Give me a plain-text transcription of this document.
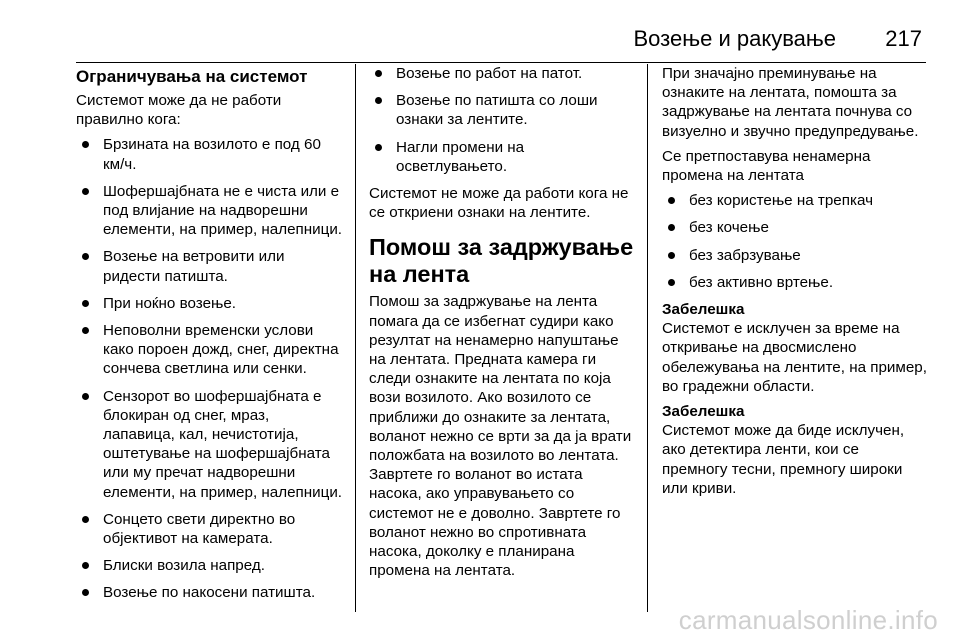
Возење и ракување 217
Ограничувања на системот
Системот може да не работи правилно кога:
Брзината на возилото е под 60 км/ч.
Шофершајбната не е чиста или е под влијание на надворешни елементи, на пример, налепници.
Возење на ветровити или ридести патишта.
При ноќно возење.
Неповолни временски услови како пороен дожд, снег, директна сончева светлина или сенки.
Сензорот во шофершајбната е блокиран од снег, мраз, лапавица, кал, нечистотија, оштетување на шофершајбната или му пречат надворешни елементи, на пример, налепници.
Сонцето свети директно во објективот на камерата.
Блиски возила напред.
Возење по накосени патишта.
Возење по работ на патот.
Возење по патишта со лоши ознаки за лентите.
Нагли промени на осветлувањето.
Системот не може да работи кога не се откриени ознаки на лентите.
Помош за задржување на лента
Помош за задржување на лента помага да се избегнат судири како резултат на ненамерно напуштање на лентата. Предната камера ги следи ознаките на лентата по која вози возилото. Ако возилото се приближи до ознаките за лентата, воланот нежно се врти за да ја врати положбата на возилото во лентата. Завртете го воланот во истата насока, ако управувањето со системот не е доволно. Завртете го воланот нежно во спротивната насока, доколку е планирана промена на лентата.
При значајно преминување на ознаките на лентата, помошта за задржување на лентата почнува со визуелно и звучно предупредување.
Се претпоставува ненамерна промена на лентата
без користење на трепкач
без кочење
без забрзување
без активно вртење.
Забелешка
Системот е исклучен за време на откривање на двосмислено обележувања на лентите, на пример, во градежни области.
Забелешка
Системот може да биде исклучен, ако детектира ленти, кои се премногу тесни, премногу широки или криви.
carmanualsonline.info
